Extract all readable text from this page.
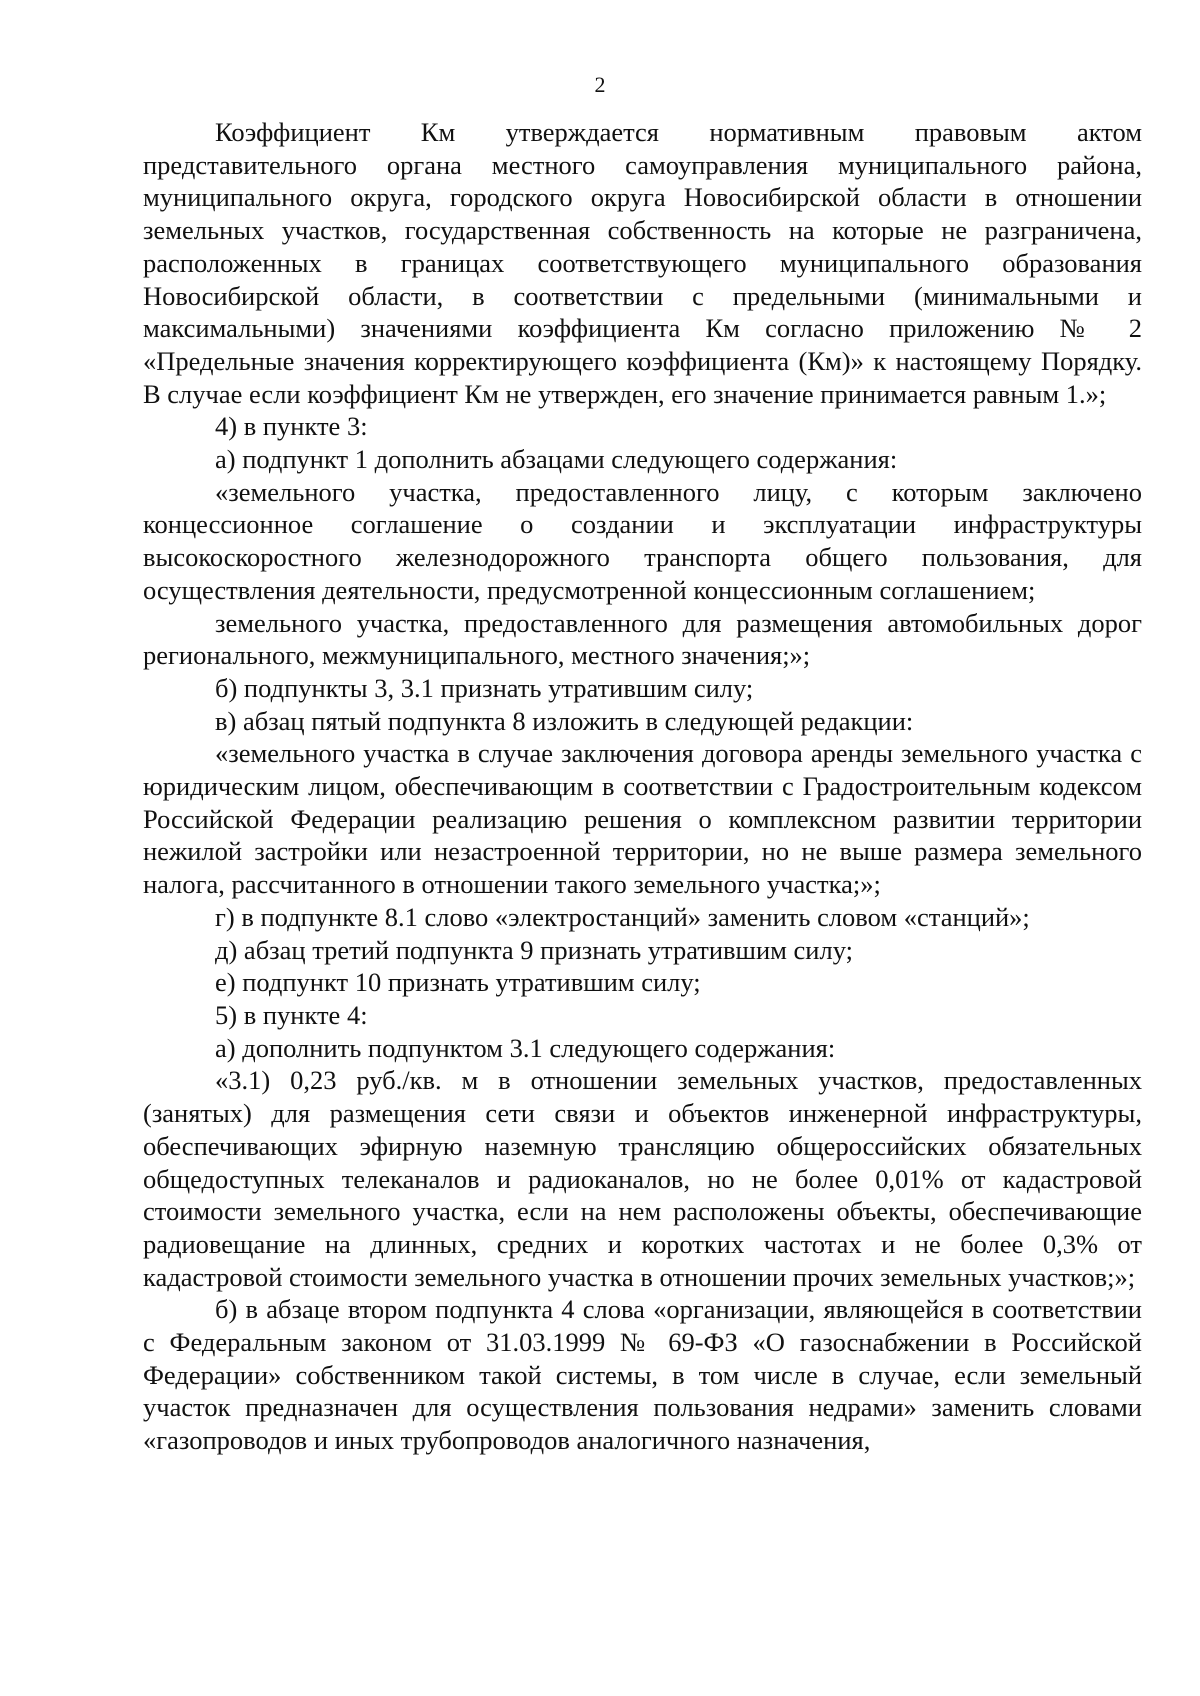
2

Коэффициент Км утверждается нормативным правовым актом представительного органа местного самоуправления муниципального района, муниципального округа, городского округа Новосибирской области в отношении земельных участков, государственная собственность на которые не разграничена, расположенных в границах соответствующего муниципального образования Новосибирской области, в соответствии с предельными (минимальными и максимальными) значениями коэффициента Км согласно приложению № 2 «Предельные значения корректирующего коэффициента (Км)» к настоящему Порядку. В случае если коэффициент Км не утвержден, его значение принимается равным 1.»;

4) в пункте 3:

а) подпункт 1 дополнить абзацами следующего содержания:

«земельного участка, предоставленного лицу, с которым заключено концессионное соглашение о создании и эксплуатации инфраструктуры высокоскоростного железнодорожного транспорта общего пользования, для осуществления деятельности, предусмотренной концессионным соглашением;

земельного участка, предоставленного для размещения автомобильных дорог регионального, межмуниципального, местного значения;»;

б) подпункты 3, 3.1 признать утратившим силу;

в) абзац пятый подпункта 8 изложить в следующей редакции:

«земельного участка в случае заключения договора аренды земельного участка с юридическим лицом, обеспечивающим в соответствии с Градостроительным кодексом Российской Федерации реализацию решения о комплексном развитии территории нежилой застройки или незастроенной территории, но не выше размера земельного налога, рассчитанного в отношении такого земельного участка;»;

г) в подпункте 8.1 слово «электростанций» заменить словом «станций»;

д) абзац третий подпункта 9 признать утратившим силу;

е) подпункт 10 признать утратившим силу;

5) в пункте 4:

а) дополнить подпунктом 3.1 следующего содержания:

«3.1) 0,23 руб./кв. м в отношении земельных участков, предоставленных (занятых) для размещения сети связи и объектов инженерной инфраструктуры, обеспечивающих эфирную наземную трансляцию общероссийских обязательных общедоступных телеканалов и радиоканалов, но не более 0,01% от кадастровой стоимости земельного участка, если на нем расположены объекты, обеспечивающие радиовещание на длинных, средних и коротких частотах и не более 0,3% от кадастровой стоимости земельного участка в отношении прочих земельных участков;»;

б) в абзаце втором подпункта 4 слова «организации, являющейся в соответствии с Федеральным законом от 31.03.1999 № 69-ФЗ «О газоснабжении в Российской Федерации» собственником такой системы, в том числе в случае, если земельный участок предназначен для осуществления пользования недрами» заменить словами «газопроводов и иных трубопроводов аналогичного назначения,
